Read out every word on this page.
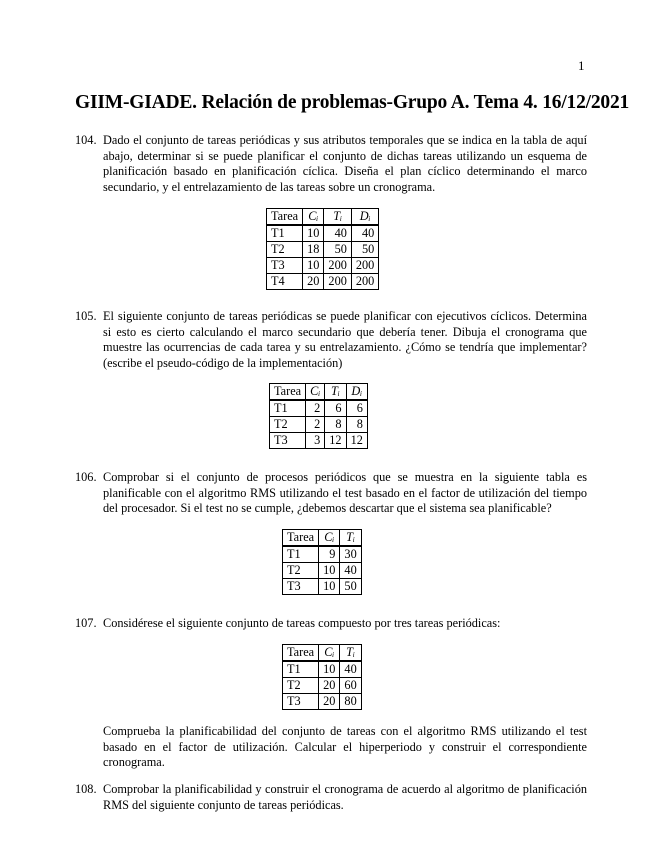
1
GIIM-GIADE. Relación de problemas-Grupo A. Tema 4. 16/12/2021
104. Dado el conjunto de tareas periódicas y sus atributos temporales que se indica en la tabla de aquí abajo, determinar si se puede planificar el conjunto de dichas tareas utilizando un esquema de planificación basado en planificación cíclica. Diseña el plan cíclico determinando el marco secundario, y el entrelazamiento de las tareas sobre un cronograma.

Tarea	Cᵢ	Tᵢ	Dᵢ
T1	10	40	40
T2	18	50	50
T3	10	200	200
T4	20	200	200
105. El siguiente conjunto de tareas periódicas se puede planificar con ejecutivos cíclicos. Determina si esto es cierto calculando el marco secundario que debería tener. Dibuja el cronograma que muestre las ocurrencias de cada tarea y su entrelazamiento. ¿Cómo se tendría que implementar? (escribe el pseudo-código de la implementación)

Tarea	Cᵢ	Tᵢ	Dᵢ
T1	2	6	6
T2	2	8	8
T3	3	12	12
106. Comprobar si el conjunto de procesos periódicos que se muestra en la siguiente tabla es planificable con el algoritmo RMS utilizando el test basado en el factor de utilización del tiempo del procesador. Si el test no se cumple, ¿debemos descartar que el sistema sea planificable?

Tarea	Cᵢ	Tᵢ
T1	9	30
T2	10	40
T3	10	50
107. Considérese el siguiente conjunto de tareas compuesto por tres tareas periódicas:

Tarea	Cᵢ	Tᵢ
T1	10	40
T2	20	60
T3	20	80

Comprueba la planificabilidad del conjunto de tareas con el algoritmo RMS utilizando el test basado en el factor de utilización. Calcular el hiperperiodo y construir el correspondiente cronograma.

108. Comprobar la planificabilidad y construir el cronograma de acuerdo al algoritmo de planificación RMS del siguiente conjunto de tareas periódicas.
